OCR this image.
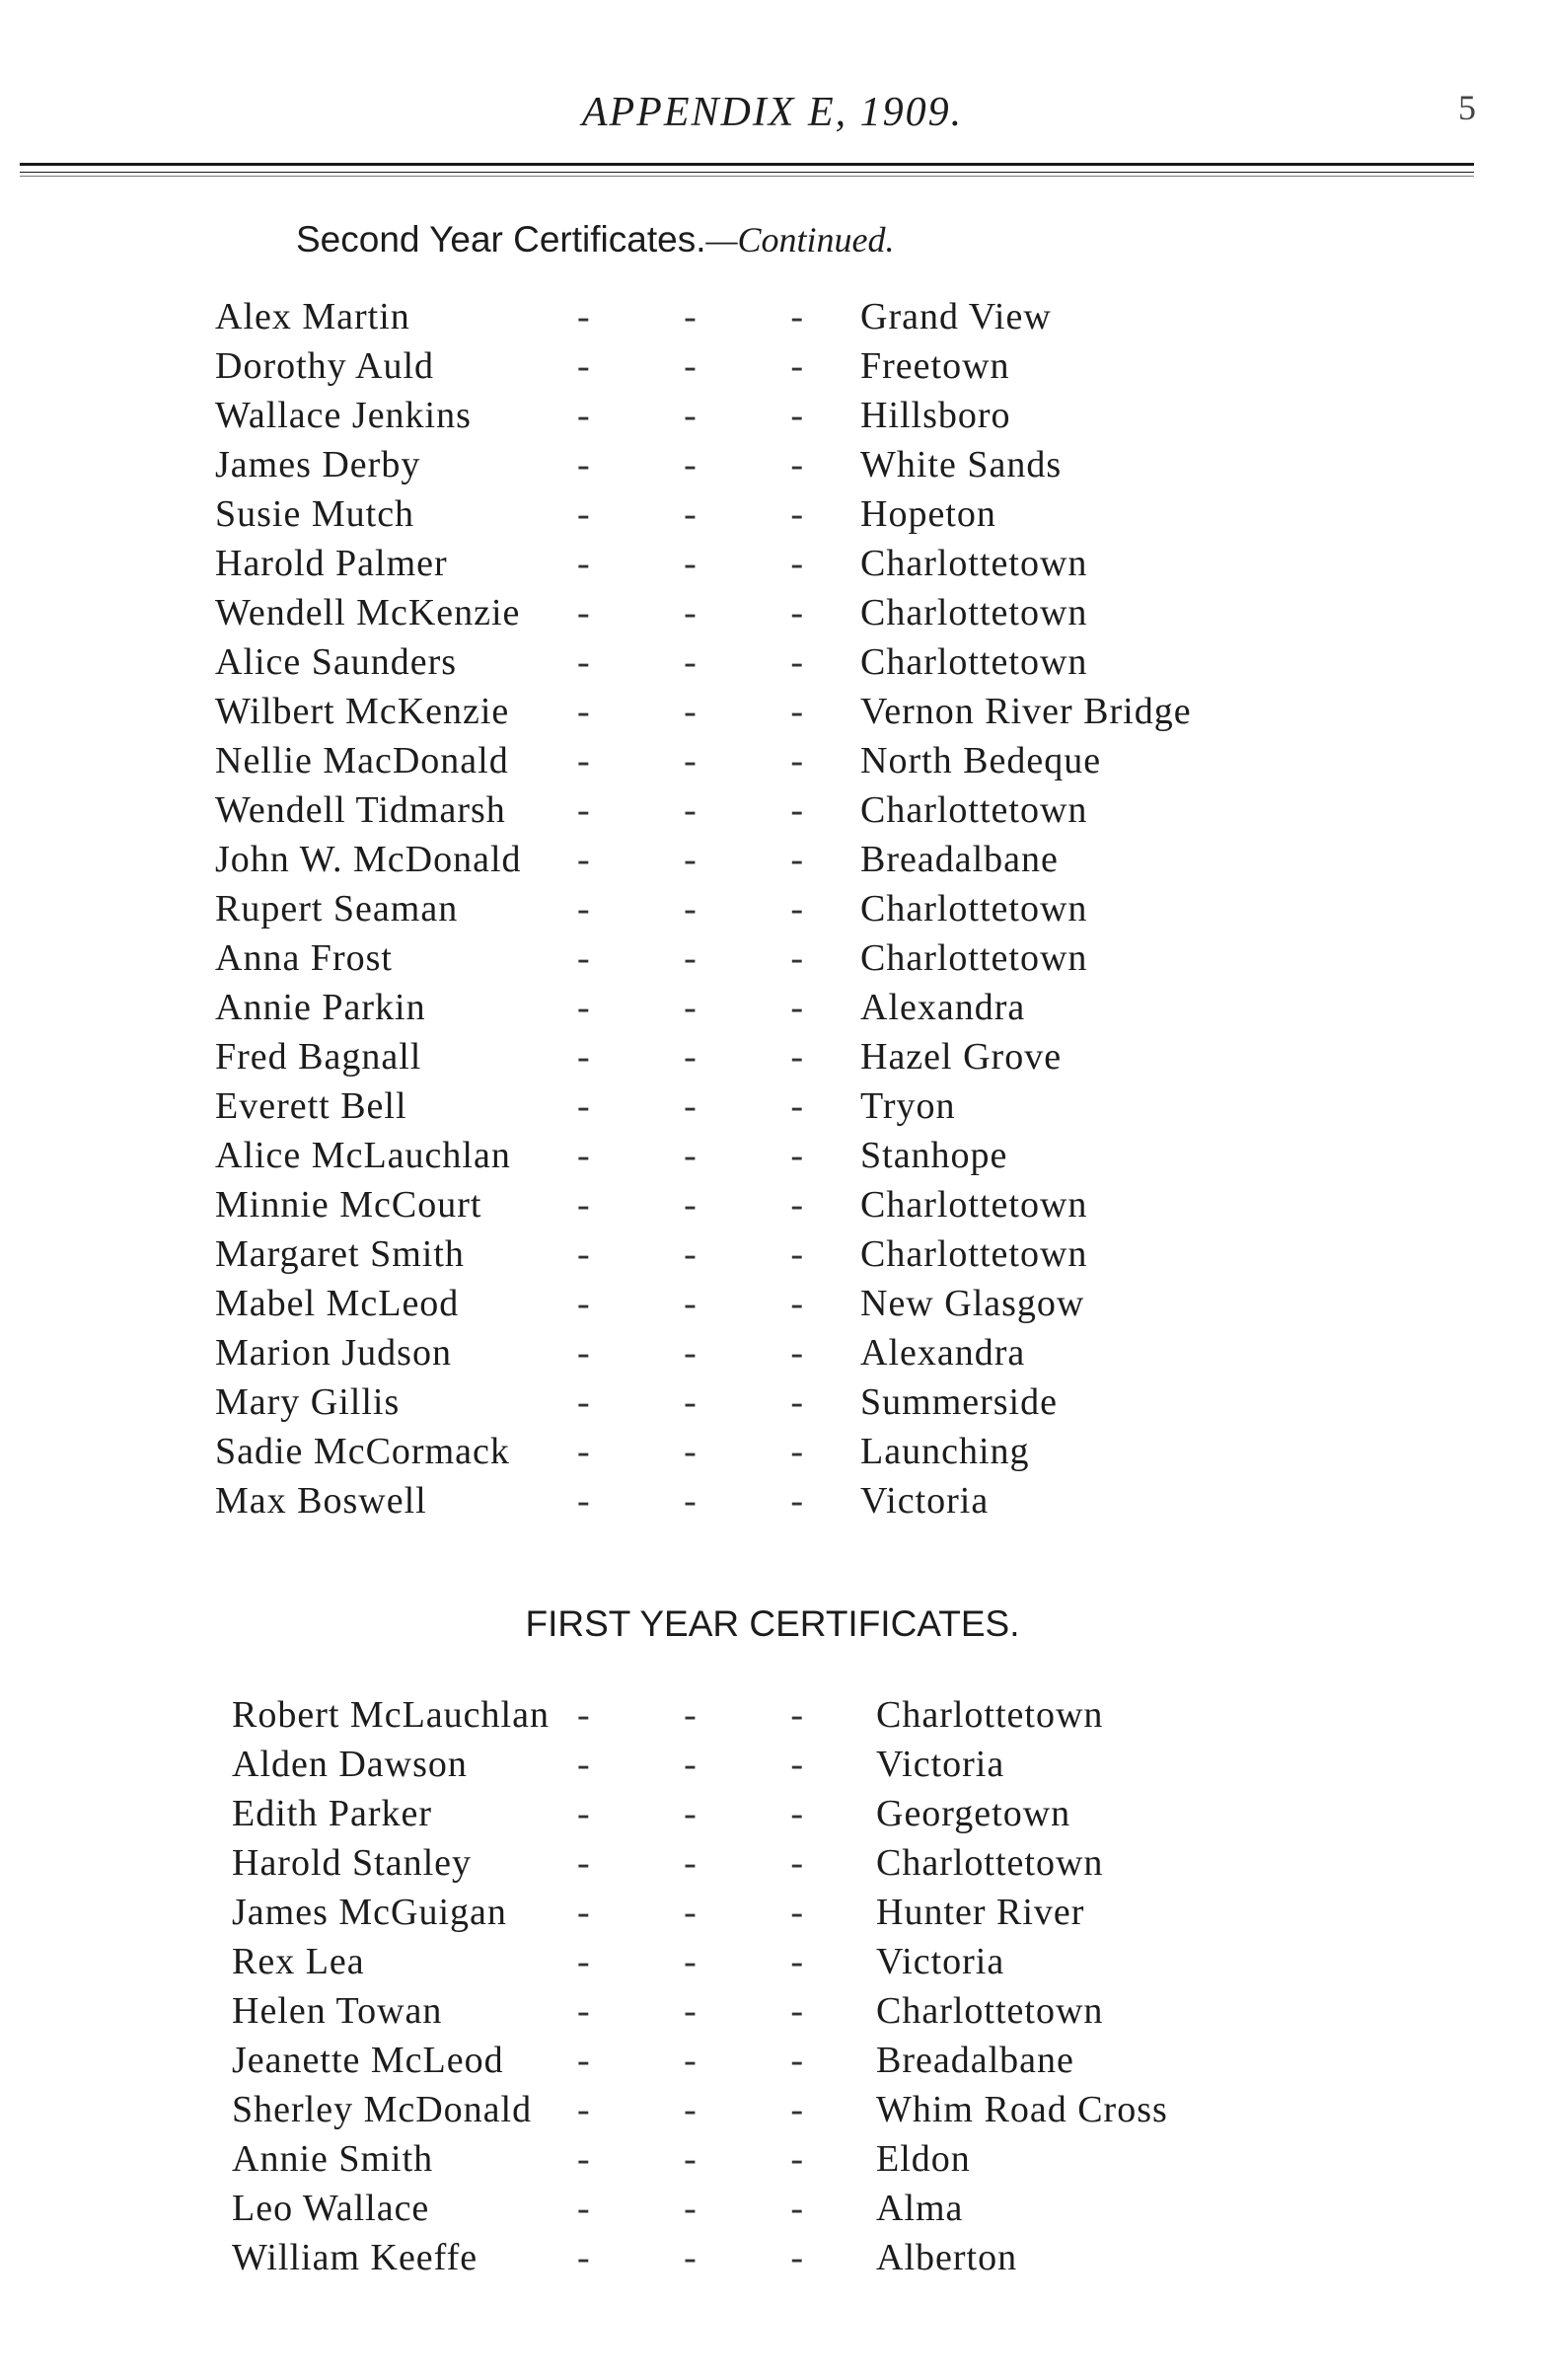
APPENDIX E, 1909.	5
Second Year Certificates.—Continued.
Alex Martin	- - - Grand View
Dorothy Auld	- - - Freetown
Wallace Jenkins	- - - Hillsboro
James Derby	- - - White Sands
Susie Mutch	- - - Hopeton
Harold Palmer	- - - Charlottetown
Wendell McKenzie - - - Charlottetown
Alice Saunders	- - - Charlottetown
Wilbert McKenzie - - - Vernon River Bridge
Nellie MacDonald - - - North Bedeque
Wendell Tidmarsh - - - Charlottetown
John W. McDonald - - - Breadalbane
Rupert Seaman	- - - Charlottetown
Anna Frost	- - - Charlottetown
Annie Parkin	- - - Alexandra
Fred Bagnall	- - - Hazel Grove
Everett Bell	- - - Tryon
Alice McLauchlan - - - Stanhope
Minnie McCourt	- - - Charlottetown
Margaret Smith	- - - Charlottetown
Mabel McLeod	- - - New Glasgow
Marion Judson	- - - Alexandra
Mary Gillis	- - - Summerside
Sadie McCormack - - - Launching
Max Boswell	- - - Victoria
FIRST YEAR CERTIFICATES.
Robert McLauchlan - - - Charlottetown
Alden Dawson	- - - Victoria
Edith Parker	- - - Georgetown
Harold Stanley	- - - Charlottetown
James McGuigan - - - Hunter River
Rex Lea	- - - Victoria
Helen Towan	- - - Charlottetown
Jeanette McLeod - - - Breadalbane
Sherley McDonald - - - Whim Road Cross
Annie Smith	- - - Eldon
Leo Wallace	- - - Alma
William Keeffe	- - - Alberton
